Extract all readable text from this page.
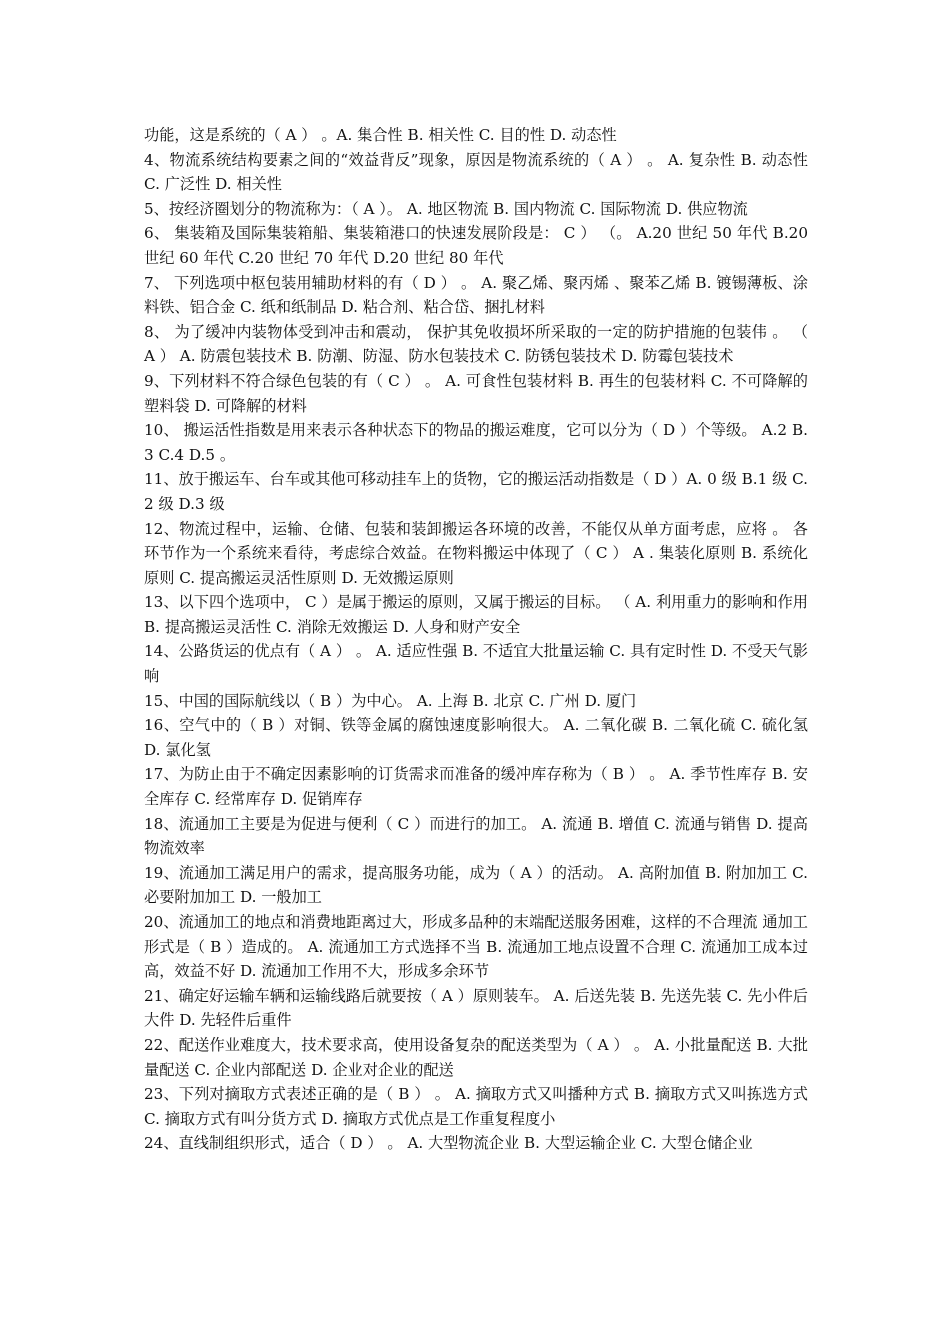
功能，这是系统的（ A ） 。A. 集合性 B. 相关性 C. 目的性 D. 动态性

4、物流系统结构要素之间的“效益背反”现象，原因是物流系统的（ A ） 。 A. 复杂性 B. 动态性 C. 广泛性 D. 相关性

5、按经济圈划分的物流称为：（ A ）。 A. 地区物流 B. 国内物流 C. 国际物流 D. 供应物流

6、 集装箱及国际集装箱船、集装箱港口的快速发展阶段是： C ） （。 A.20 世纪 50 年代 B.20 世纪 60 年代 C.20 世纪 70 年代 D.20 世纪 80 年代

7、 下列选项中枢包装用辅助材料的有（ D ） 。 A. 聚乙烯、聚丙烯 、聚苯乙烯 B. 镀锡薄板、涂料铁、铝合金 C. 纸和纸制品 D. 粘合剂、粘合岱、捆扎材料

8、 为了缓冲内装物体受到冲击和震动， 保护其免收损坏所采取的一定的防护措施的包装伟 。 （ A ） A. 防震包装技术 B. 防潮、防湿、防水包装技术 C. 防锈包装技术 D. 防霉包装技术

9、下列材料不符合绿色包装的有（ C ） 。 A. 可食性包装材料 B. 再生的包装材料 C. 不可降解的塑料袋 D. 可降解的材料

10、 搬运活性指数是用来表示各种状态下的物品的搬运难度，它可以分为（ D ）个等级。 A.2 B.3 C.4 D.5 。

11、放于搬运车、台车或其他可移动挂车上的货物，它的搬运活动指数是（ D ）A. 0 级 B.1 级 C.2 级 D.3 级

12、物流过程中，运输、仓储、包装和装卸搬运各环境的改善，不能仅从单方面考虑，应将 。 各环节作为一个系统来看待，考虑综合效益。在物料搬运中体现了（ C ） A . 集装化原则 B. 系统化原则 C. 提高搬运灵活性原则 D. 无效搬运原则

13、以下四个选项中， C ）是属于搬运的原则，又属于搬运的目标。 （ A. 利用重力的影响和作用 B. 提高搬运灵活性 C. 消除无效搬运 D. 人身和财产安全

14、公路货运的优点有（ A ） 。 A. 适应性强 B. 不适宜大批量运输 C. 具有定时性 D. 不受天气影响

15、中国的国际航线以（ B ）为中心。 A. 上海 B. 北京 C. 广州 D. 厦门

16、空气中的（ B ）对铜、铁等金属的腐蚀速度影响很大。 A. 二氧化碳 B. 二氧化硫 C. 硫化氢 D. 氯化氢

17、为防止由于不确定因素影响的订货需求而准备的缓冲库存称为（ B ） 。 A. 季节性库存 B. 安全库存 C. 经常库存 D. 促销库存

18、流通加工主要是为促进与便利（ C ）而进行的加工。 A. 流通 B. 增值 C. 流通与销售 D. 提高物流效率

19、流通加工满足用户的需求，提高服务功能，成为（ A ）的活动。 A. 高附加值 B. 附加加工 C. 必要附加加工 D. 一般加工

20、流通加工的地点和消费地距离过大，形成多品种的末端配送服务困难，这样的不合理流 通加工形式是（ B ）造成的。 A. 流通加工方式选择不当 B. 流通加工地点设置不合理 C. 流通加工成本过高，效益不好 D. 流通加工作用不大，形成多余环节

21、确定好运输车辆和运输线路后就要按（ A ）原则装车。 A. 后送先装 B. 先送先装 C. 先小件后大件 D. 先轻件后重件

22、配送作业难度大，技术要求高，使用设备复杂的配送类型为（ A ） 。 A. 小批量配送 B. 大批量配送 C. 企业内部配送 D. 企业对企业的配送

23、下列对摘取方式表述正确的是（ B ） 。 A. 摘取方式又叫播种方式 B. 摘取方式又叫拣选方式 C. 摘取方式有叫分货方式 D. 摘取方式优点是工作重复程度小

24、直线制组织形式，适合（ D ） 。 A. 大型物流企业 B. 大型运输企业 C. 大型仓储企业
